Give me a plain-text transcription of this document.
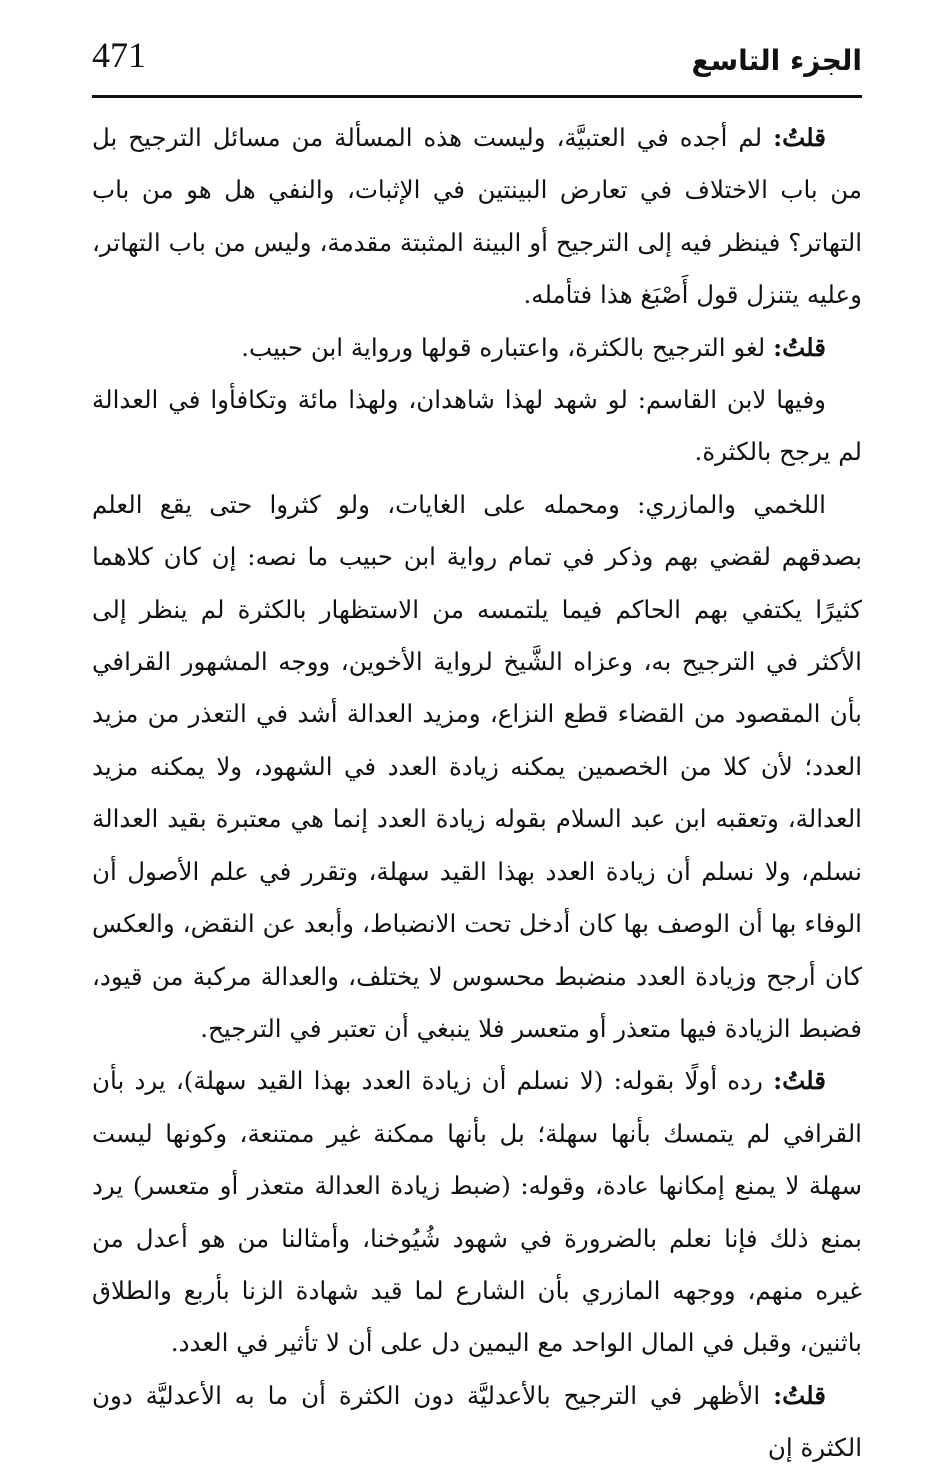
471	الجزء التاسع

قلتُ: لم أجده في العتبيَّة، وليست هذه المسألة من مسائل الترجيح بل من باب الاختلاف في تعارض البينتين في الإثبات، والنفي هل هو من باب التهاتر؟ فينظر فيه إلى الترجيح أو البينة المثبتة مقدمة، وليس من باب التهاتر، وعليه يتنزل قول أَصْبَغ هذا فتأمله.

قلتُ: لغو الترجيح بالكثرة، واعتباره قولها ورواية ابن حبيب.

وفيها لابن القاسم: لو شهد لهذا شاهدان، ولهذا مائة وتكافأوا في العدالة لم يرجح بالكثرة.

اللخمي والمازري: ومحمله على الغايات، ولو كثروا حتى يقع العلم بصدقهم لقضي بهم وذكر في تمام رواية ابن حبيب ما نصه: إن كان كلاهما كثيرًا يكتفي بهم الحاكم فيما يلتمسه من الاستظهار بالكثرة لم ينظر إلى الأكثر في الترجيح به، وعزاه الشَّيخ لرواية الأخوين، ووجه المشهور القرافي بأن المقصود من القضاء قطع النزاع، ومزيد العدالة أشد في التعذر من مزيد العدد؛ لأن كلا من الخصمين يمكنه زيادة العدد في الشهود، ولا يمكنه مزيد العدالة، وتعقبه ابن عبد السلام بقوله زيادة العدد إنما هي معتبرة بقيد العدالة نسلم، ولا نسلم أن زيادة العدد بهذا القيد سهلة، وتقرر في علم الأصول أن الوفاء بها أن الوصف بها كان أدخل تحت الانضباط، وأبعد عن النقض، والعكس كان أرجح وزيادة العدد منضبط محسوس لا يختلف، والعدالة مركبة من قيود، فضبط الزيادة فيها متعذر أو متعسر فلا ينبغي أن تعتبر في الترجيح.

قلتُ: رده أولًا بقوله: (لا نسلم أن زيادة العدد بهذا القيد سهلة)، يرد بأن القرافي لم يتمسك بأنها سهلة؛ بل بأنها ممكنة غير ممتنعة، وكونها ليست سهلة لا يمنع إمكانها عادة، وقوله: (ضبط زيادة العدالة متعذر أو متعسر) يرد بمنع ذلك فإنا نعلم بالضرورة في شهود شُيُوخنا، وأمثالنا من هو أعدل من غيره منهم، ووجهه المازري بأن الشارع لما قيد شهادة الزنا بأربع والطلاق باثنين، وقبل في المال الواحد مع اليمين دل على أن لا تأثير في العدد.

قلتُ: الأظهر في الترجيح بالأعدليَّة دون الكثرة أن ما به الأعدليَّة دون الكثرة إن
